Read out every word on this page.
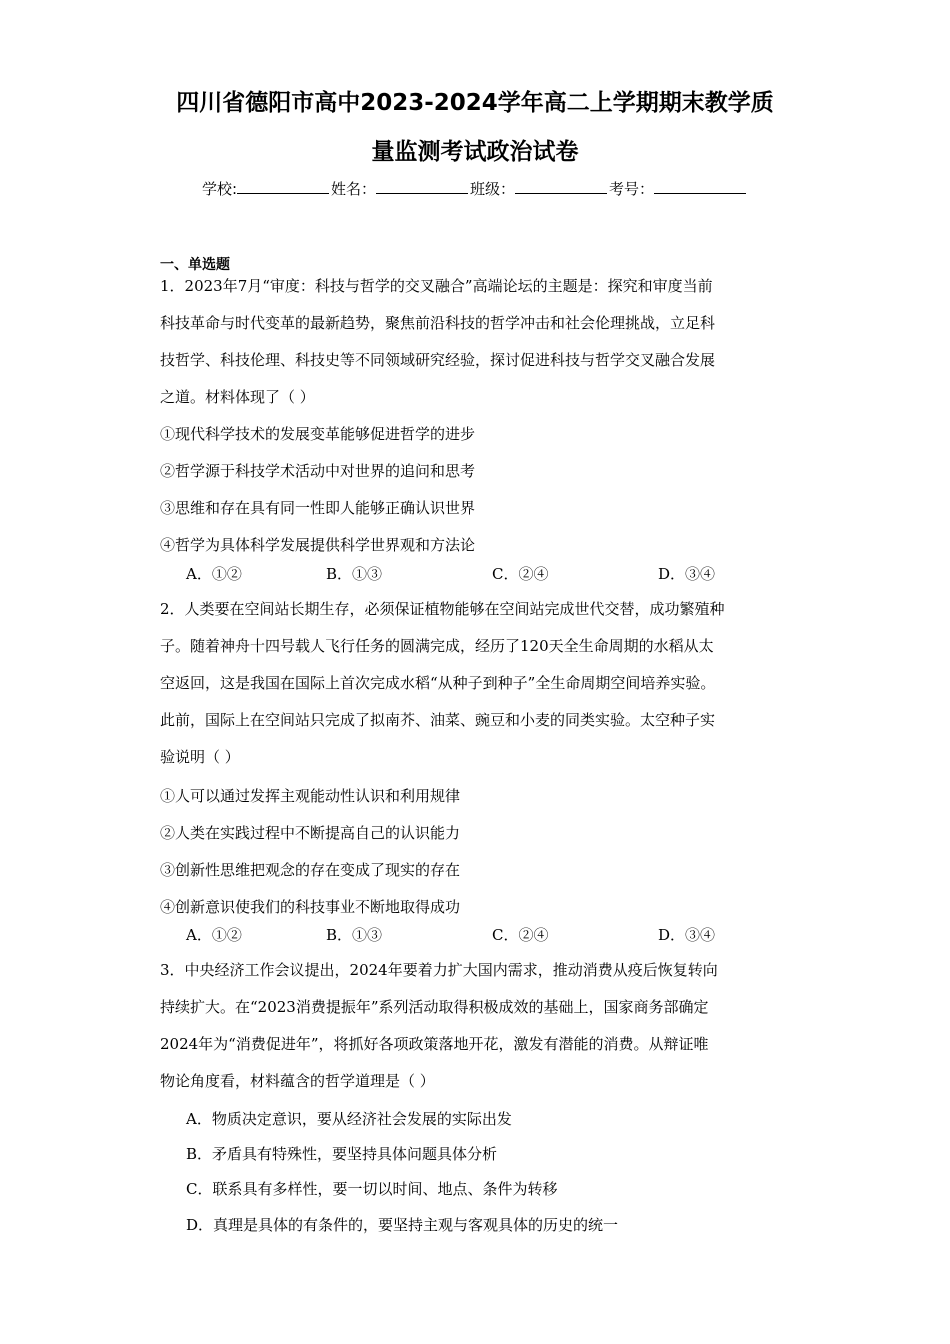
四川省德阳市高中2023-2024学年高二上学期期末教学质
量监测考试政治试卷
学校:	姓名：	班级：	考号：
一、单选题

1．2023年7月“审度：科技与哲学的交叉融合”高端论坛的主题是：探究和审度当前

科技革命与时代变革的最新趋势，聚焦前沿科技的哲学冲击和社会伦理挑战，立足科

技哲学、科技伦理、科技史等不同领域研究经验，探讨促进科技与哲学交叉融合发展

之道。材料体现了（ ）

①现代科学技术的发展变革能够促进哲学的进步

②哲学源于科技学术活动中对世界的追问和思考

③思维和存在具有同一性即人能够正确认识世界

④哲学为具体科学发展提供科学世界观和方法论

A．①②	B．①③	C．②④	D．③④

2．人类要在空间站长期生存，必须保证植物能够在空间站完成世代交替，成功繁殖种

子。随着神舟十四号载人飞行任务的圆满完成，经历了120天全生命周期的水稻从太

空返回，这是我国在国际上首次完成水稻“从种子到种子”全生命周期空间培养实验。

此前，国际上在空间站只完成了拟南芥、油菜、豌豆和小麦的同类实验。太空种子实

验说明（ ）

①人可以通过发挥主观能动性认识和利用规律

②人类在实践过程中不断提高自己的认识能力

③创新性思维把观念的存在变成了现实的存在

④创新意识使我们的科技事业不断地取得成功

A．①②	B．①③	C．②④	D．③④

3．中央经济工作会议提出，2024年要着力扩大国内需求，推动消费从疫后恢复转向

持续扩大。在“2023消费提振年”系列活动取得积极成效的基础上，国家商务部确定

2024年为“消费促进年”，将抓好各项政策落地开花，激发有潜能的消费。从辩证唯

物论角度看，材料蕴含的哲学道理是（ ）

A．物质决定意识，要从经济社会发展的实际出发
B．矛盾具有特殊性，要坚持具体问题具体分析
C．联系具有多样性，要一切以时间、地点、条件为转移
D．真理是具体的有条件的，要坚持主观与客观具体的历史的统一
